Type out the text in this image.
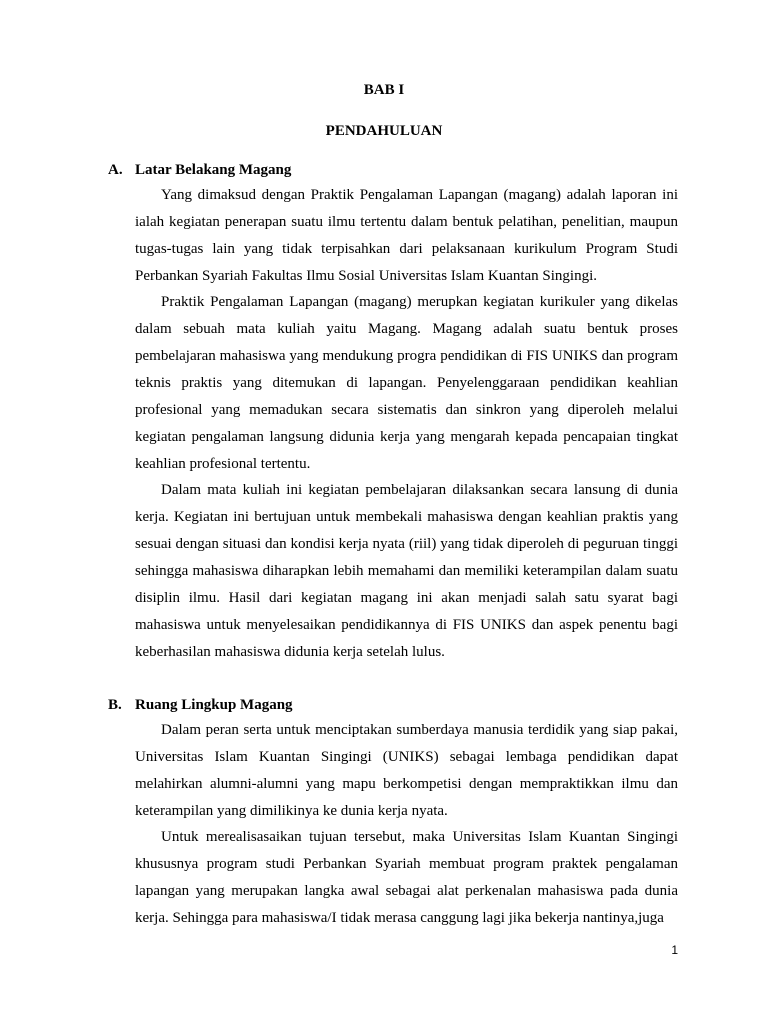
BAB I
PENDAHULUAN
A. Latar Belakang Magang

Yang dimaksud dengan Praktik Pengalaman Lapangan (magang) adalah laporan ini ialah kegiatan penerapan suatu ilmu tertentu dalam bentuk pelatihan, penelitian, maupun tugas-tugas lain yang tidak terpisahkan dari pelaksanaan kurikulum Program Studi Perbankan Syariah Fakultas Ilmu Sosial Universitas Islam Kuantan Singingi.

Praktik Pengalaman Lapangan (magang) merupkan kegiatan kurikuler yang dikelas dalam sebuah mata kuliah yaitu Magang. Magang adalah suatu bentuk proses pembelajaran mahasiswa yang mendukung progra pendidikan di FIS UNIKS dan program teknis praktis yang ditemukan di lapangan. Penyelenggaraan pendidikan keahlian profesional yang memadukan secara sistematis dan sinkron yang diperoleh melalui kegiatan pengalaman langsung didunia kerja yang mengarah kepada pencapaian tingkat keahlian profesional tertentu.

Dalam mata kuliah ini kegiatan pembelajaran dilaksankan secara lansung di dunia kerja. Kegiatan ini bertujuan untuk membekali mahasiswa dengan keahlian praktis yang sesuai dengan situasi dan kondisi kerja nyata (riil) yang tidak diperoleh di peguruan tinggi sehingga mahasiswa diharapkan lebih memahami dan memiliki keterampilan dalam suatu disiplin ilmu. Hasil dari kegiatan magang ini akan menjadi salah satu syarat bagi mahasiswa untuk menyelesaikan pendidikannya di FIS UNIKS dan aspek penentu bagi keberhasilan mahasiswa didunia kerja setelah lulus.

B. Ruang Lingkup Magang

Dalam peran serta untuk menciptakan sumberdaya manusia terdidik yang siap pakai, Universitas Islam Kuantan Singingi (UNIKS) sebagai lembaga pendidikan dapat melahirkan alumni-alumni yang mapu berkompetisi dengan mempraktikkan ilmu dan keterampilan yang dimilikinya ke dunia kerja nyata.

Untuk merealisasaikan tujuan tersebut, maka Universitas Islam Kuantan Singingi khususnya program studi Perbankan Syariah membuat program praktek pengalaman lapangan yang merupakan langka awal sebagai alat perkenalan mahasiswa pada dunia kerja. Sehingga para mahasiswa/I tidak merasa canggung lagi jika bekerja nantinya,juga

1
